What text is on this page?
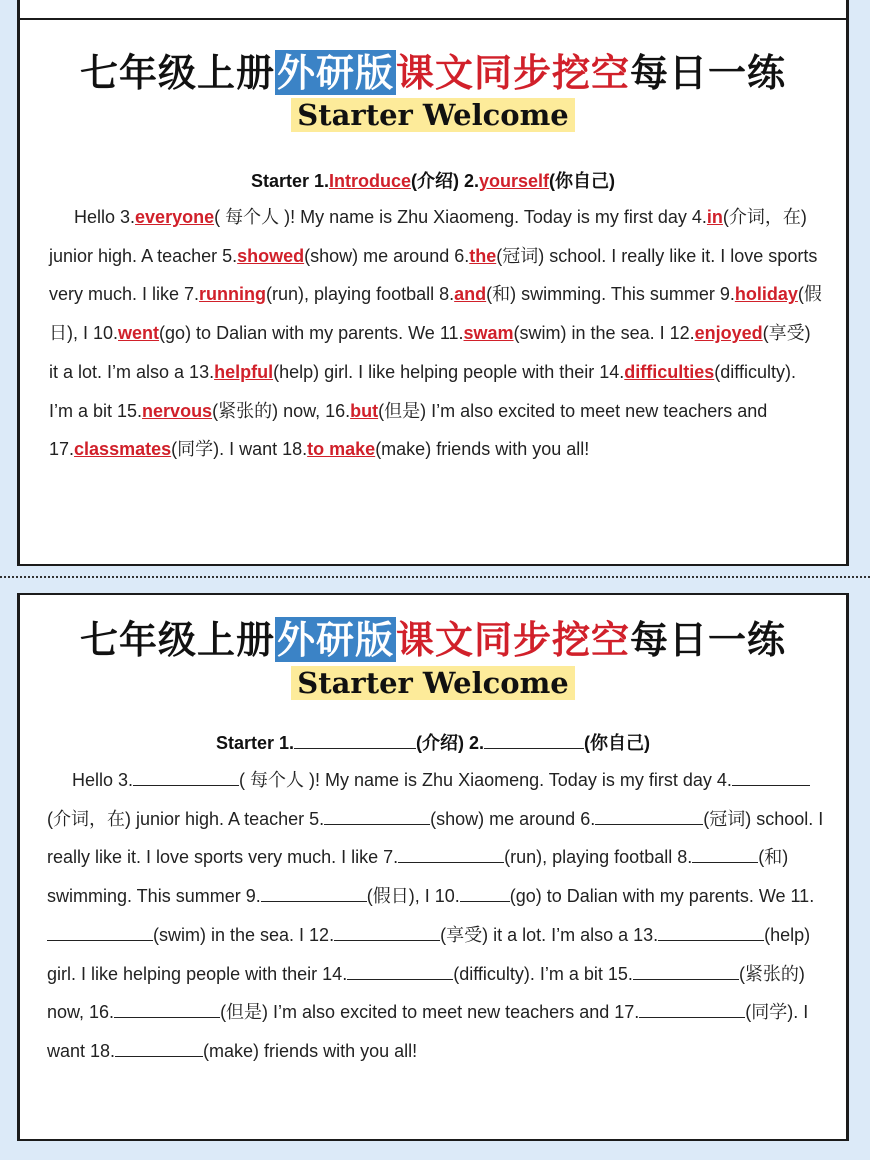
七年级上册外研版课文同步挖空每日一练
Starter Welcome
Starter 1.Introduce(介绍) 2.yourself(你自己)
Hello 3.everyone( 每个人 )! My name is Zhu Xiaomeng. Today is my first day 4.in(介词，在) junior high. A teacher 5.showed(show) me around 6.the(冠词) school. I really like it. I love sports very much. I like 7.running(run), playing football 8.and(和) swimming. This summer 9.holiday(假日), I 10.went(go) to Dalian with my parents. We 11.swam(swim) in the sea. I 12.enjoyed(享受) it a lot. I’m also a 13.helpful(help) girl. I like helping people with their 14.difficulties(difficulty). I’m a bit 15.nervous(紧张的) now, 16.but(但是) I’m also excited to meet new teachers and 17.classmates(同学). I want 18.to make(make) friends with you all!
七年级上册外研版课文同步挖空每日一练
Starter Welcome
Starter 1.	(介绍) 2.	(你自己)
Hello 3.	( 每个人 )! My name is Zhu Xiaomeng. Today is my first day 4.(介词，在) junior high. A teacher 5.	(show) me around 6.	(冠词) school. I really like it. I love sports very much. I like 7.	(run), playing football 8.	(和) swimming. This summer 9.	(假日), I 10.	(go) to Dalian with my parents. We 11.(swim) in the sea. I 12.	(享受) it a lot. I’m also a 13.	(help) girl. I like helping people with their 14.	(difficulty). I’m a bit 15.	(紧张的) now, 16.	(但是) I’m also excited to meet new teachers and 17.	(同学). I want 18.	(make) friends with you all!
